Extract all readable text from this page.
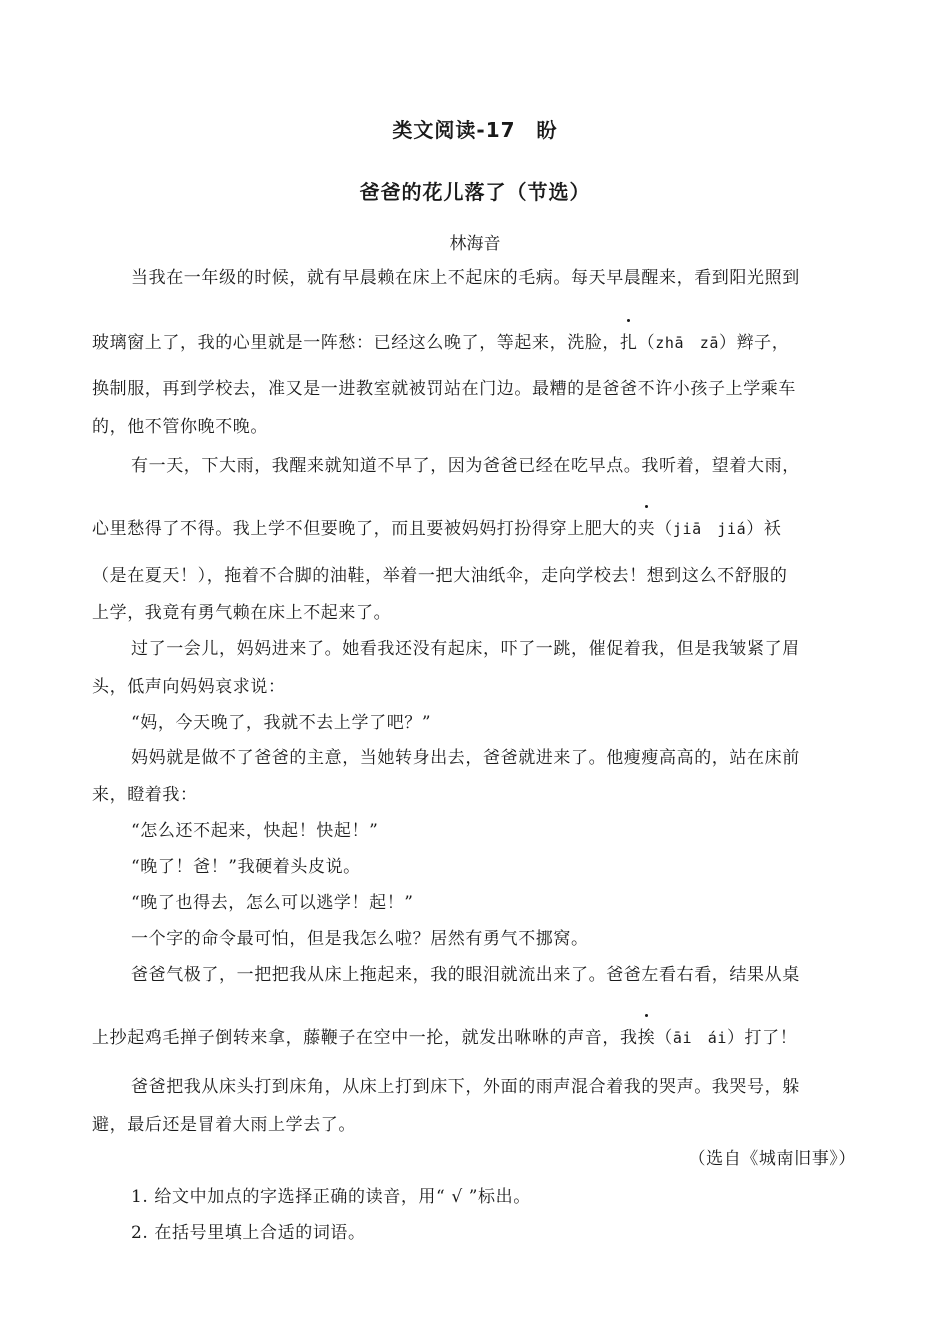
类文阅读-17　盼
爸爸的花儿落了（节选）
林海音
当我在一年级的时候，就有早晨赖在床上不起床的毛病。每天早晨醒来，看到阳光照到
玻璃窗上了，我的心里就是一阵愁：已经这么晚了，等起来，洗脸，扎（zhā　zā）辫子，
换制服，再到学校去，准又是一进教室就被罚站在门边。最糟的是爸爸不许小孩子上学乘车
的，他不管你晚不晚。
有一天，下大雨，我醒来就知道不早了，因为爸爸已经在吃早点。我听着，望着大雨，
心里愁得了不得。我上学不但要晚了，而且要被妈妈打扮得穿上肥大的夹（jiā　jiá）袄
（是在夏天！），拖着不合脚的油鞋，举着一把大油纸伞，走向学校去！想到这么不舒服的
上学，我竟有勇气赖在床上不起来了。
过了一会儿，妈妈进来了。她看我还没有起床，吓了一跳，催促着我，但是我皱紧了眉
头，低声向妈妈哀求说：
“妈，今天晚了，我就不去上学了吧？”
妈妈就是做不了爸爸的主意，当她转身出去，爸爸就进来了。他瘦瘦高高的，站在床前
来，瞪着我：
“怎么还不起来，快起！快起！”
“晚了！爸！”我硬着头皮说。
“晚了也得去，怎么可以逃学！起！”
一个字的命令最可怕，但是我怎么啦？居然有勇气不挪窝。
爸爸气极了，一把把我从床上拖起来，我的眼泪就流出来了。爸爸左看右看，结果从桌
上抄起鸡毛掸子倒转来拿，藤鞭子在空中一抡，就发出咻咻的声音，我挨（āi　ái）打了！
爸爸把我从床头打到床角，从床上打到床下，外面的雨声混合着我的哭声。我哭号，躲
避，最后还是冒着大雨上学去了。
（选自《城南旧事》）
1. 给文中加点的字选择正确的读音，用“ √ ”标出。
2. 在括号里填上合适的词语。
